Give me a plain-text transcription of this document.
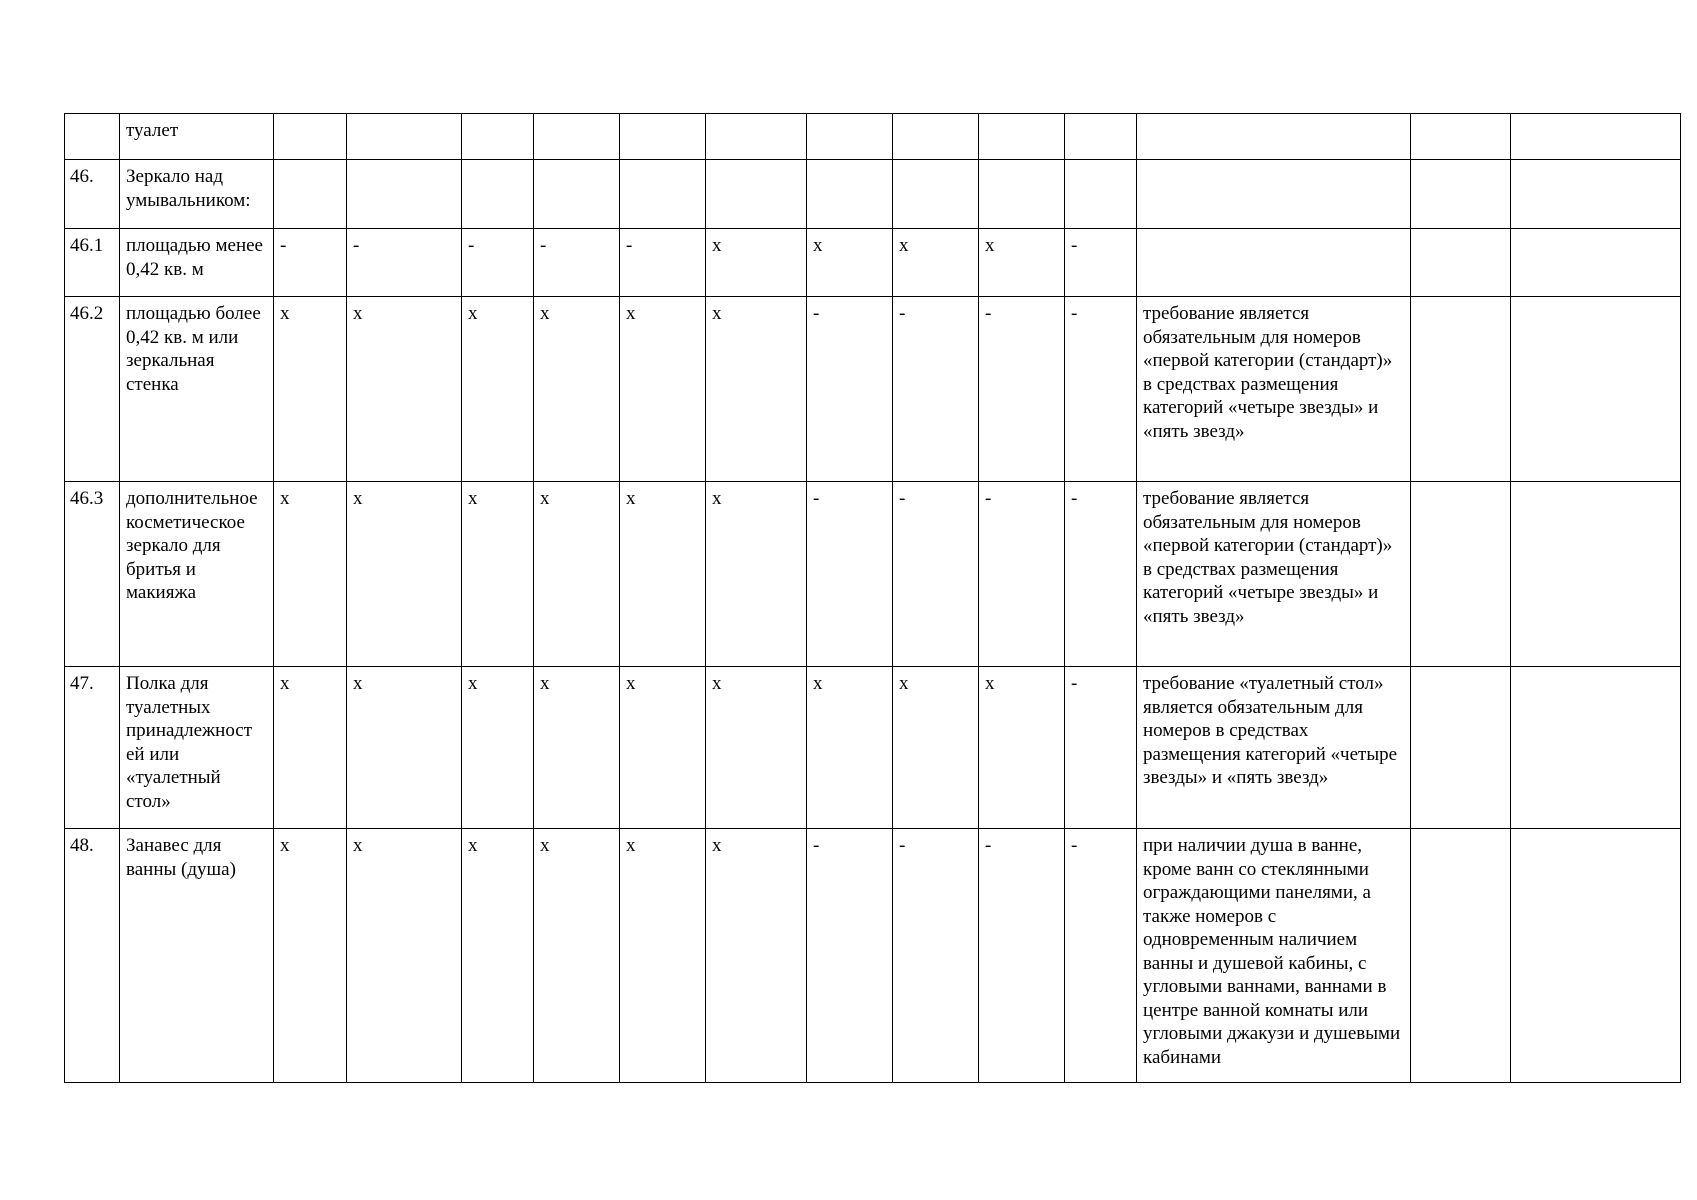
	туалет													
46.	Зеркало над умывальником:													
46.1	площадью менее 0,42 кв. м	-	-	-	-	-	x	x	x	x	-			
46.2	площадью более 0,42 кв. м или зеркальная стенка	x	x	x	x	x	x	-	-	-	-	требование является обязательным для номеров «первой категории (стандарт)» в средствах размещения категорий «четыре звезды» и «пять звезд»		
46.3	дополнительное косметическое зеркало для бритья и макияжа	x	x	x	x	x	x	-	-	-	-	требование является обязательным для номеров «первой категории (стандарт)» в средствах размещения категорий «четыре звезды» и «пять звезд»		
47.	Полка для туалетных принадлежност ей или «туалетный стол»	x	x	x	x	x	x	x	x	x	-	требование «туалетный стол» является обязательным для номеров в средствах размещения категорий «четыре звезды» и «пять звезд»		
48.	Занавес для ванны (душа)	x	x	x	x	x	x	-	-	-	-	при наличии душа в ванне, кроме ванн со стеклянными ограждающими панелями, а также номеров с одновременным наличием ванны и душевой кабины, с угловыми ваннами, ваннами в центре ванной комнаты или угловыми джакузи и душевыми кабинами		
